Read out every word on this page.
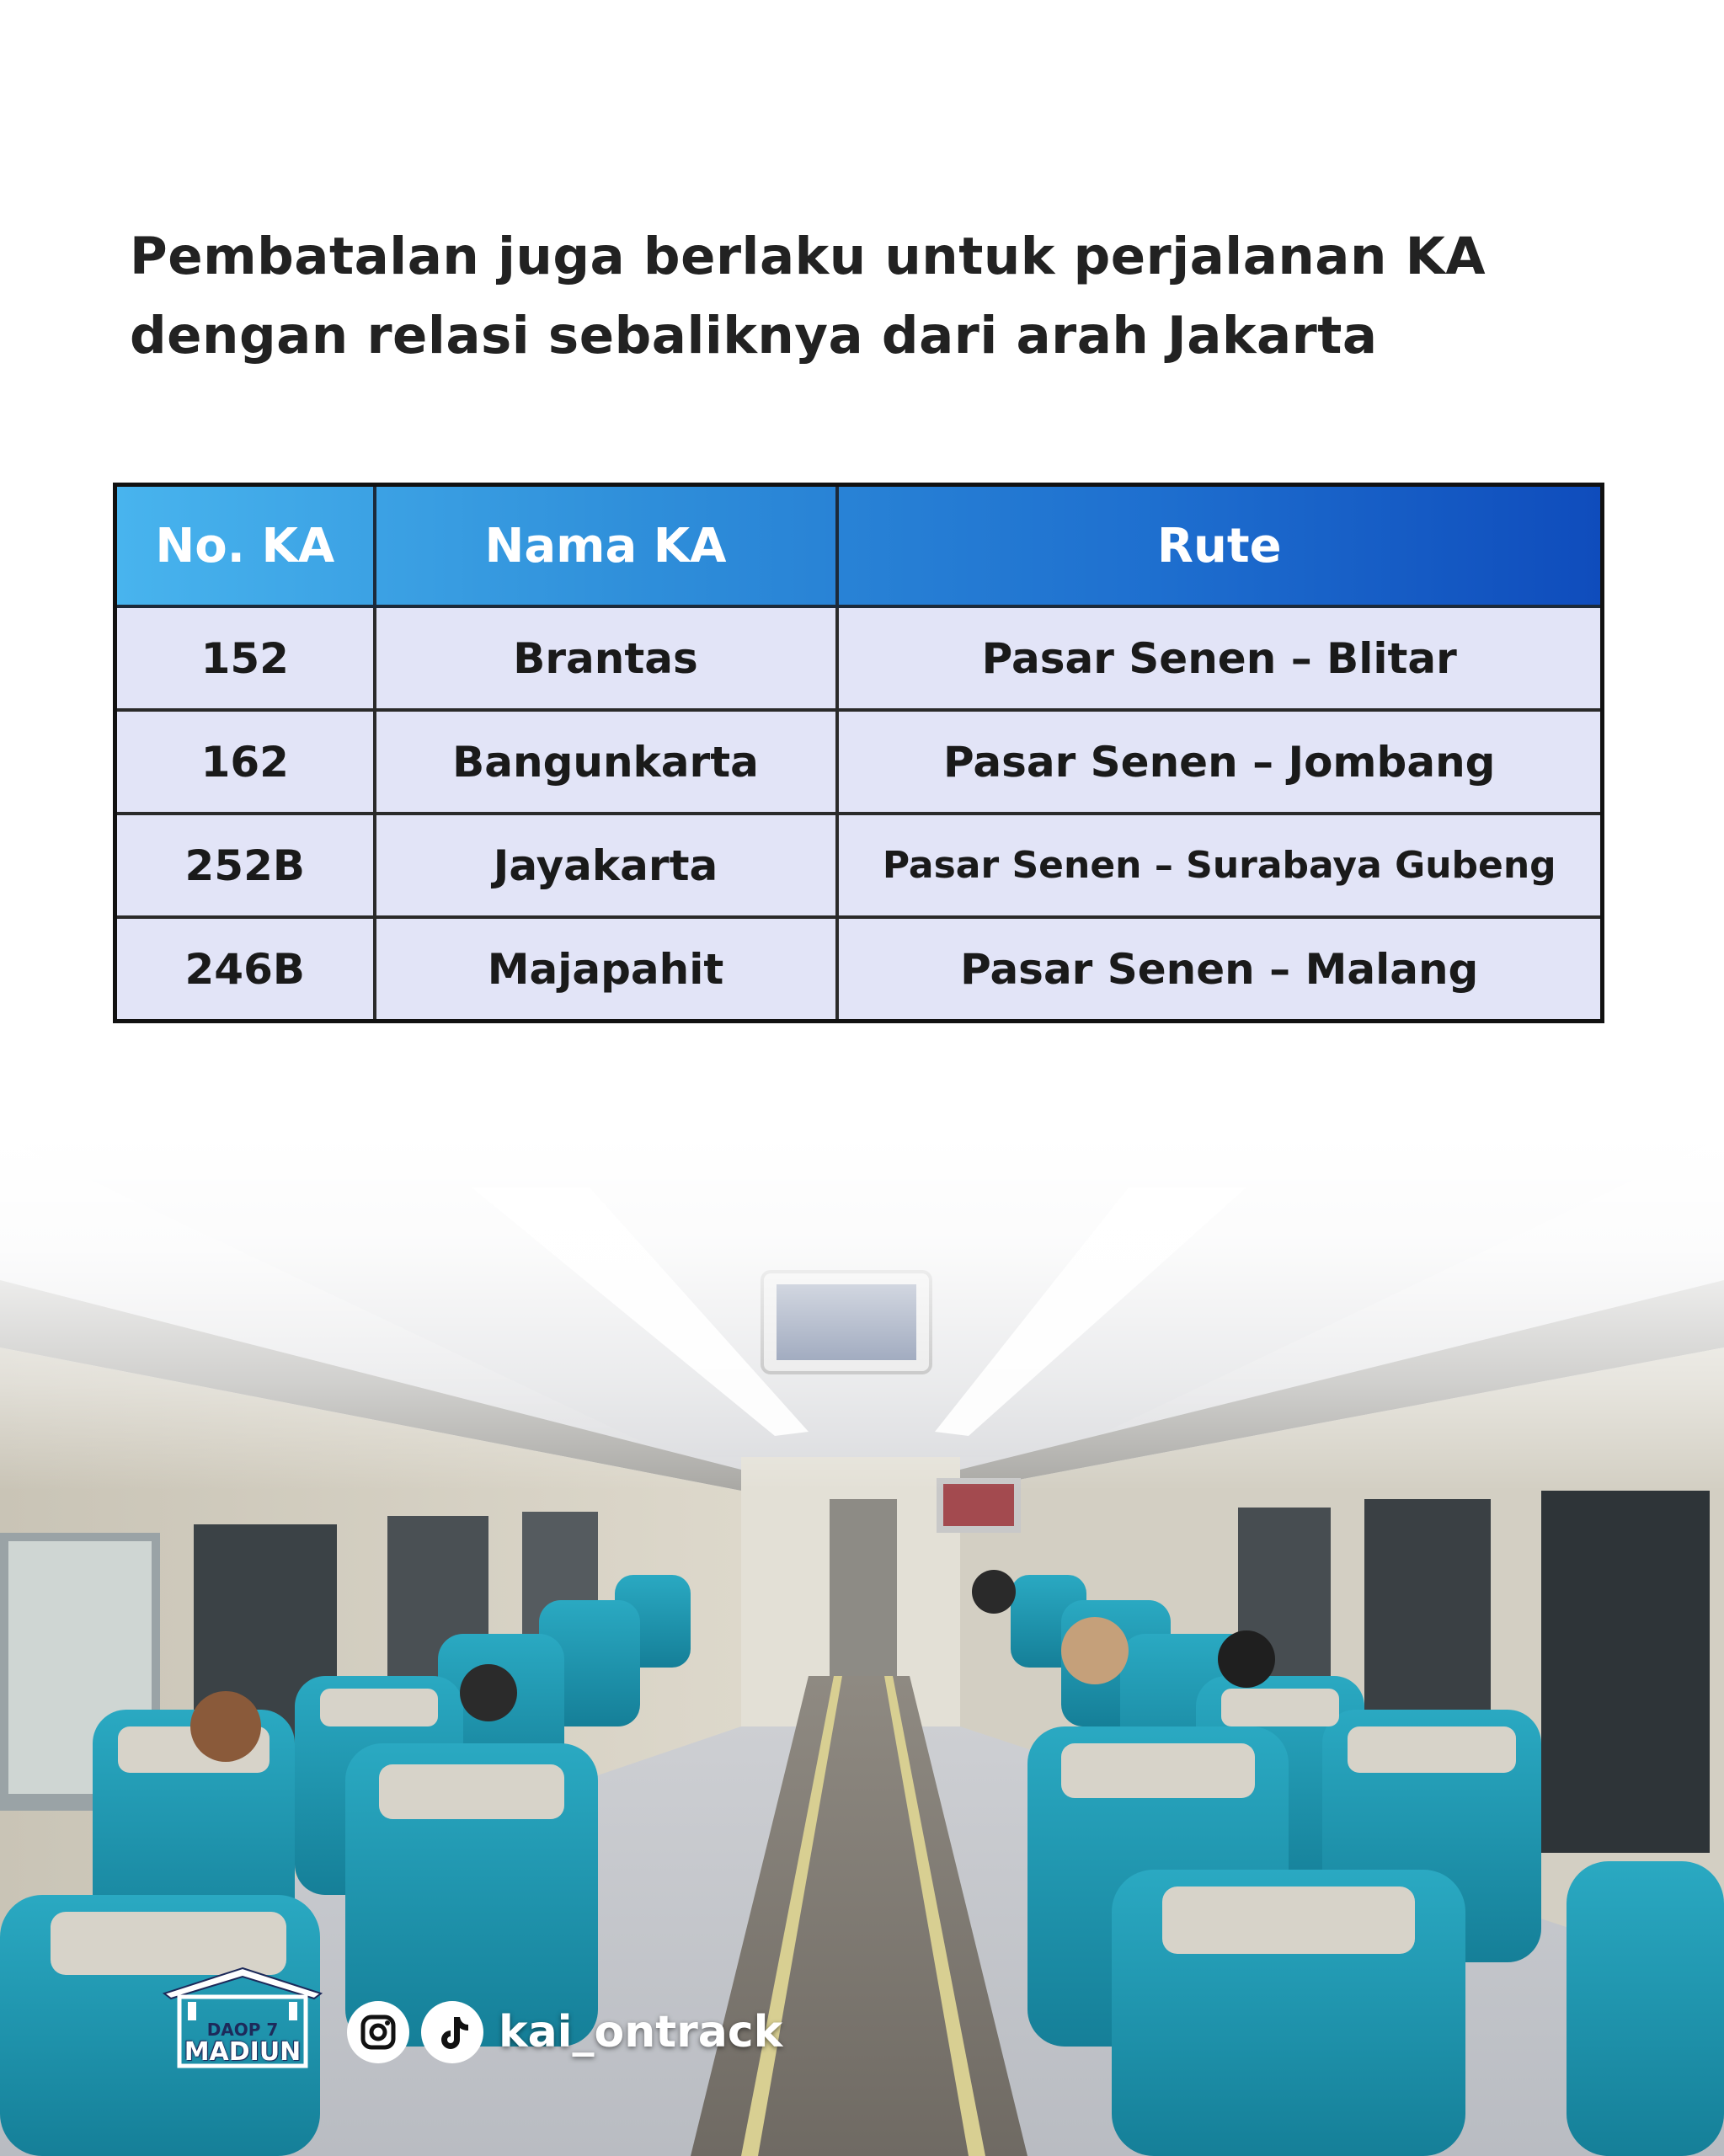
Pembatalan juga berlaku untuk perjalanan KA dengan relasi sebaliknya dari arah Jakarta
No. KA	Nama KA	Rute
152	Brantas	Pasar Senen – Blitar
162	Bangunkarta	Pasar Senen – Jombang
252B	Jayakarta	Pasar Senen – Surabaya Gubeng
246B	Majapahit	Pasar Senen – Malang
DAOP 7
MADIUN	kai_ontrack
